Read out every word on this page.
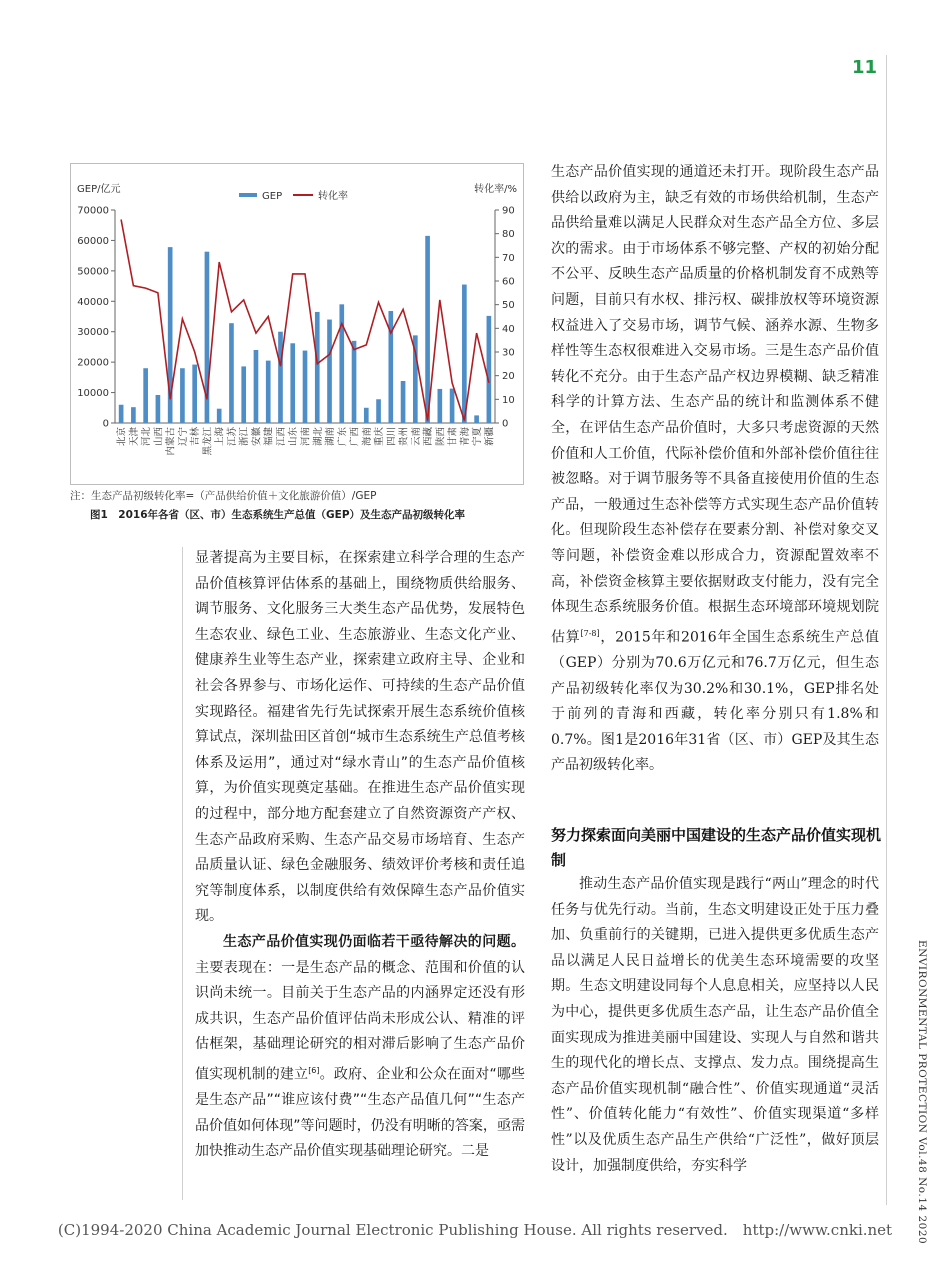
11
ENVIRONMENTAL PROTECTION Vol.48 No.14 2020
0
10000
20000
30000
40000
50000
60000
70000
0
10
20
30
40
50
60
70
80
90
GEP/亿元	转化率/%
GEP	转化率
北京 天津 河北 山西 内蒙古 辽宁 吉林 黑龙江 上海 江苏 浙江 安徽 福建 江西 山东 河南 湖北 湖南 广东 广西 海南 重庆 四川 贵州 云南 西藏 陕西 甘肃 青海 宁夏 新疆
注：生态产品初级转化率=（产品供给价值＋文化旅游价值）/GEP
图1　2016年各省（区、市）生态系统生产总值（GEP）及生态产品初级转化率

显著提高为主要目标，在探索建立科学合理的生态产品价值核算评估体系的基础上，围绕物质供给服务、调节服务、文化服务三大类生态产品优势，发展特色生态农业、绿色工业、生态旅游业、生态文化产业、健康养生业等生态产业，探索建立政府主导、企业和社会各界参与、市场化运作、可持续的生态产品价值实现路径。福建省先行先试探索开展生态系统价值核算试点，深圳盐田区首创“城市生态系统生产总值考核体系及运用”，通过对“绿水青山”的生态产品价值核算，为价值实现奠定基础。在推进生态产品价值实现的过程中，部分地方配套建立了自然资源资产产权、生态产品政府采购、生态产品交易市场培育、生态产品质量认证、绿色金融服务、绩效评价考核和责任追究等制度体系，以制度供给有效保障生态产品价值实现。

生态产品价值实现仍面临若干亟待解决的问题。主要表现在：一是生态产品的概念、范围和价值的认识尚未统一。目前关于生态产品的内涵界定还没有形成共识，生态产品价值评估尚未形成公认、精准的评估框架，基础理论研究的相对滞后影响了生态产品价值实现机制的建立[6]。政府、企业和公众在面对“哪些是生态产品”“谁应该付费”“生态产品值几何”“生态产品价值如何体现”等问题时，仍没有明晰的答案，亟需加快推动生态产品价值实现基础理论研究。二是

生态产品价值实现的通道还未打开。现阶段生态产品供给以政府为主，缺乏有效的市场供给机制，生态产品供给量难以满足人民群众对生态产品全方位、多层次的需求。由于市场体系不够完整、产权的初始分配不公平、反映生态产品质量的价格机制发育不成熟等问题，目前只有水权、排污权、碳排放权等环境资源权益进入了交易市场，调节气候、涵养水源、生物多样性等生态权很难进入交易市场。三是生态产品价值转化不充分。由于生态产品产权边界模糊、缺乏精准科学的计算方法、生态产品的统计和监测体系不健全，在评估生态产品价值时，大多只考虑资源的天然价值和人工价值，代际补偿价值和外部补偿价值往往被忽略。对于调节服务等不具备直接使用价值的生态产品，一般通过生态补偿等方式实现生态产品价值转化。但现阶段生态补偿存在要素分割、补偿对象交叉等问题，补偿资金难以形成合力，资源配置效率不高，补偿资金核算主要依据财政支付能力，没有完全体现生态系统服务价值。根据生态环境部环境规划院估算[7-8]，2015年和2016年全国生态系统生产总值（GEP）分别为70.6万亿元和76.7万亿元，但生态产品初级转化率仅为30.2%和30.1%，GEP排名处于前列的青海和西藏，转化率分别只有1.8%和0.7%。图1是2016年31省（区、市）GEP及其生态产品初级转化率。

努力探索面向美丽中国建设的生态产品价值实现机制

推动生态产品价值实现是践行“两山”理念的时代任务与优先行动。当前，生态文明建设正处于压力叠加、负重前行的关键期，已进入提供更多优质生态产品以满足人民日益增长的优美生态环境需要的攻坚期。生态文明建设同每个人息息相关，应坚持以人民为中心，提供更多优质生态产品，让生态产品价值全面实现成为推进美丽中国建设、实现人与自然和谐共生的现代化的增长点、支撑点、发力点。围绕提高生态产品价值实现机制“融合性”、价值实现通道“灵活性”、价值转化能力“有效性”、价值实现渠道“多样性”以及优质生态产品生产供给“广泛性”，做好顶层设计，加强制度供给，夯实科学

(C)1994-2020 China Academic Journal Electronic Publishing House. All rights reserved.　http://www.cnki.net
